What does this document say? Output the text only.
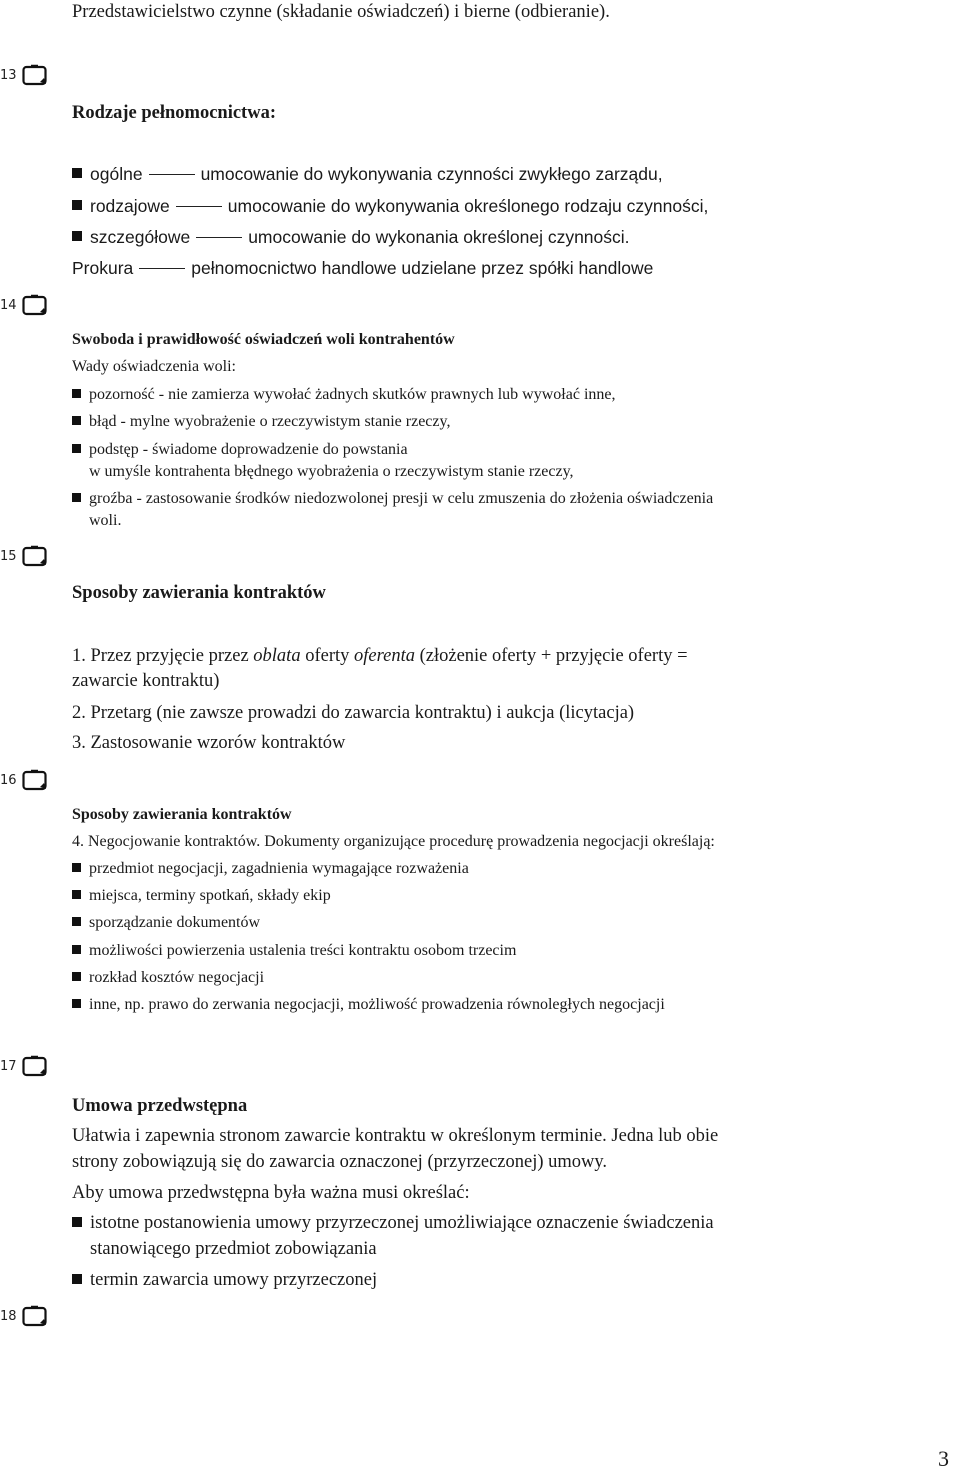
Przedstawicielstwo czynne (składanie oświadczeń) i bierne (odbieranie).
13
14
15
16
17
18
Rodzaje pełnomocnictwa:
ogólne	umocowanie do wykonywania czynności zwykłego zarządu,
rodzajowe	umocowanie do wykonywania określonego rodzaju czynności,
szczegółowe	umocowanie do wykonania określonej czynności.
Prokura	pełnomocnictwo handlowe udzielane przez spółki handlowe
Swoboda i prawidłowość oświadczeń woli kontrahentów
Wady oświadczenia woli:
pozorność - nie zamierza wywołać żadnych skutków prawnych lub wywołać inne,
błąd - mylne wyobrażenie o rzeczywistym stanie rzeczy,
podstęp - świadome doprowadzenie do powstania
w umyśle kontrahenta błędnego wyobrażenia o rzeczywistym stanie rzeczy,
groźba - zastosowanie środków niedozwolonej presji w celu zmuszenia do złożenia oświadczenia
woli.
Sposoby zawierania kontraktów
1. Przez przyjęcie przez oblata oferty oferenta (złożenie oferty + przyjęcie oferty =
zawarcie kontraktu)
2. Przetarg (nie zawsze prowadzi do zawarcia kontraktu) i aukcja (licytacja)
3. Zastosowanie wzorów kontraktów
Sposoby zawierania kontraktów
4. Negocjowanie kontraktów. Dokumenty organizujące procedurę prowadzenia negocjacji określają:
przedmiot negocjacji, zagadnienia wymagające rozważenia
miejsca, terminy spotkań, składy ekip
sporządzanie dokumentów
możliwości powierzenia ustalenia treści kontraktu osobom trzecim
rozkład kosztów negocjacji
inne, np. prawo do zerwania negocjacji, możliwość prowadzenia równoległych negocjacji
Umowa przedwstępna
Ułatwia i zapewnia stronom zawarcie kontraktu w określonym terminie. Jedna lub obie
strony zobowiązują się do zawarcia oznaczonej (przyrzeczonej) umowy.
Aby umowa przedwstępna była ważna musi określać:
istotne postanowienia umowy przyrzeczonej umożliwiające oznaczenie świadczenia
stanowiącego przedmiot zobowiązania
termin zawarcia umowy przyrzeczonej
3
